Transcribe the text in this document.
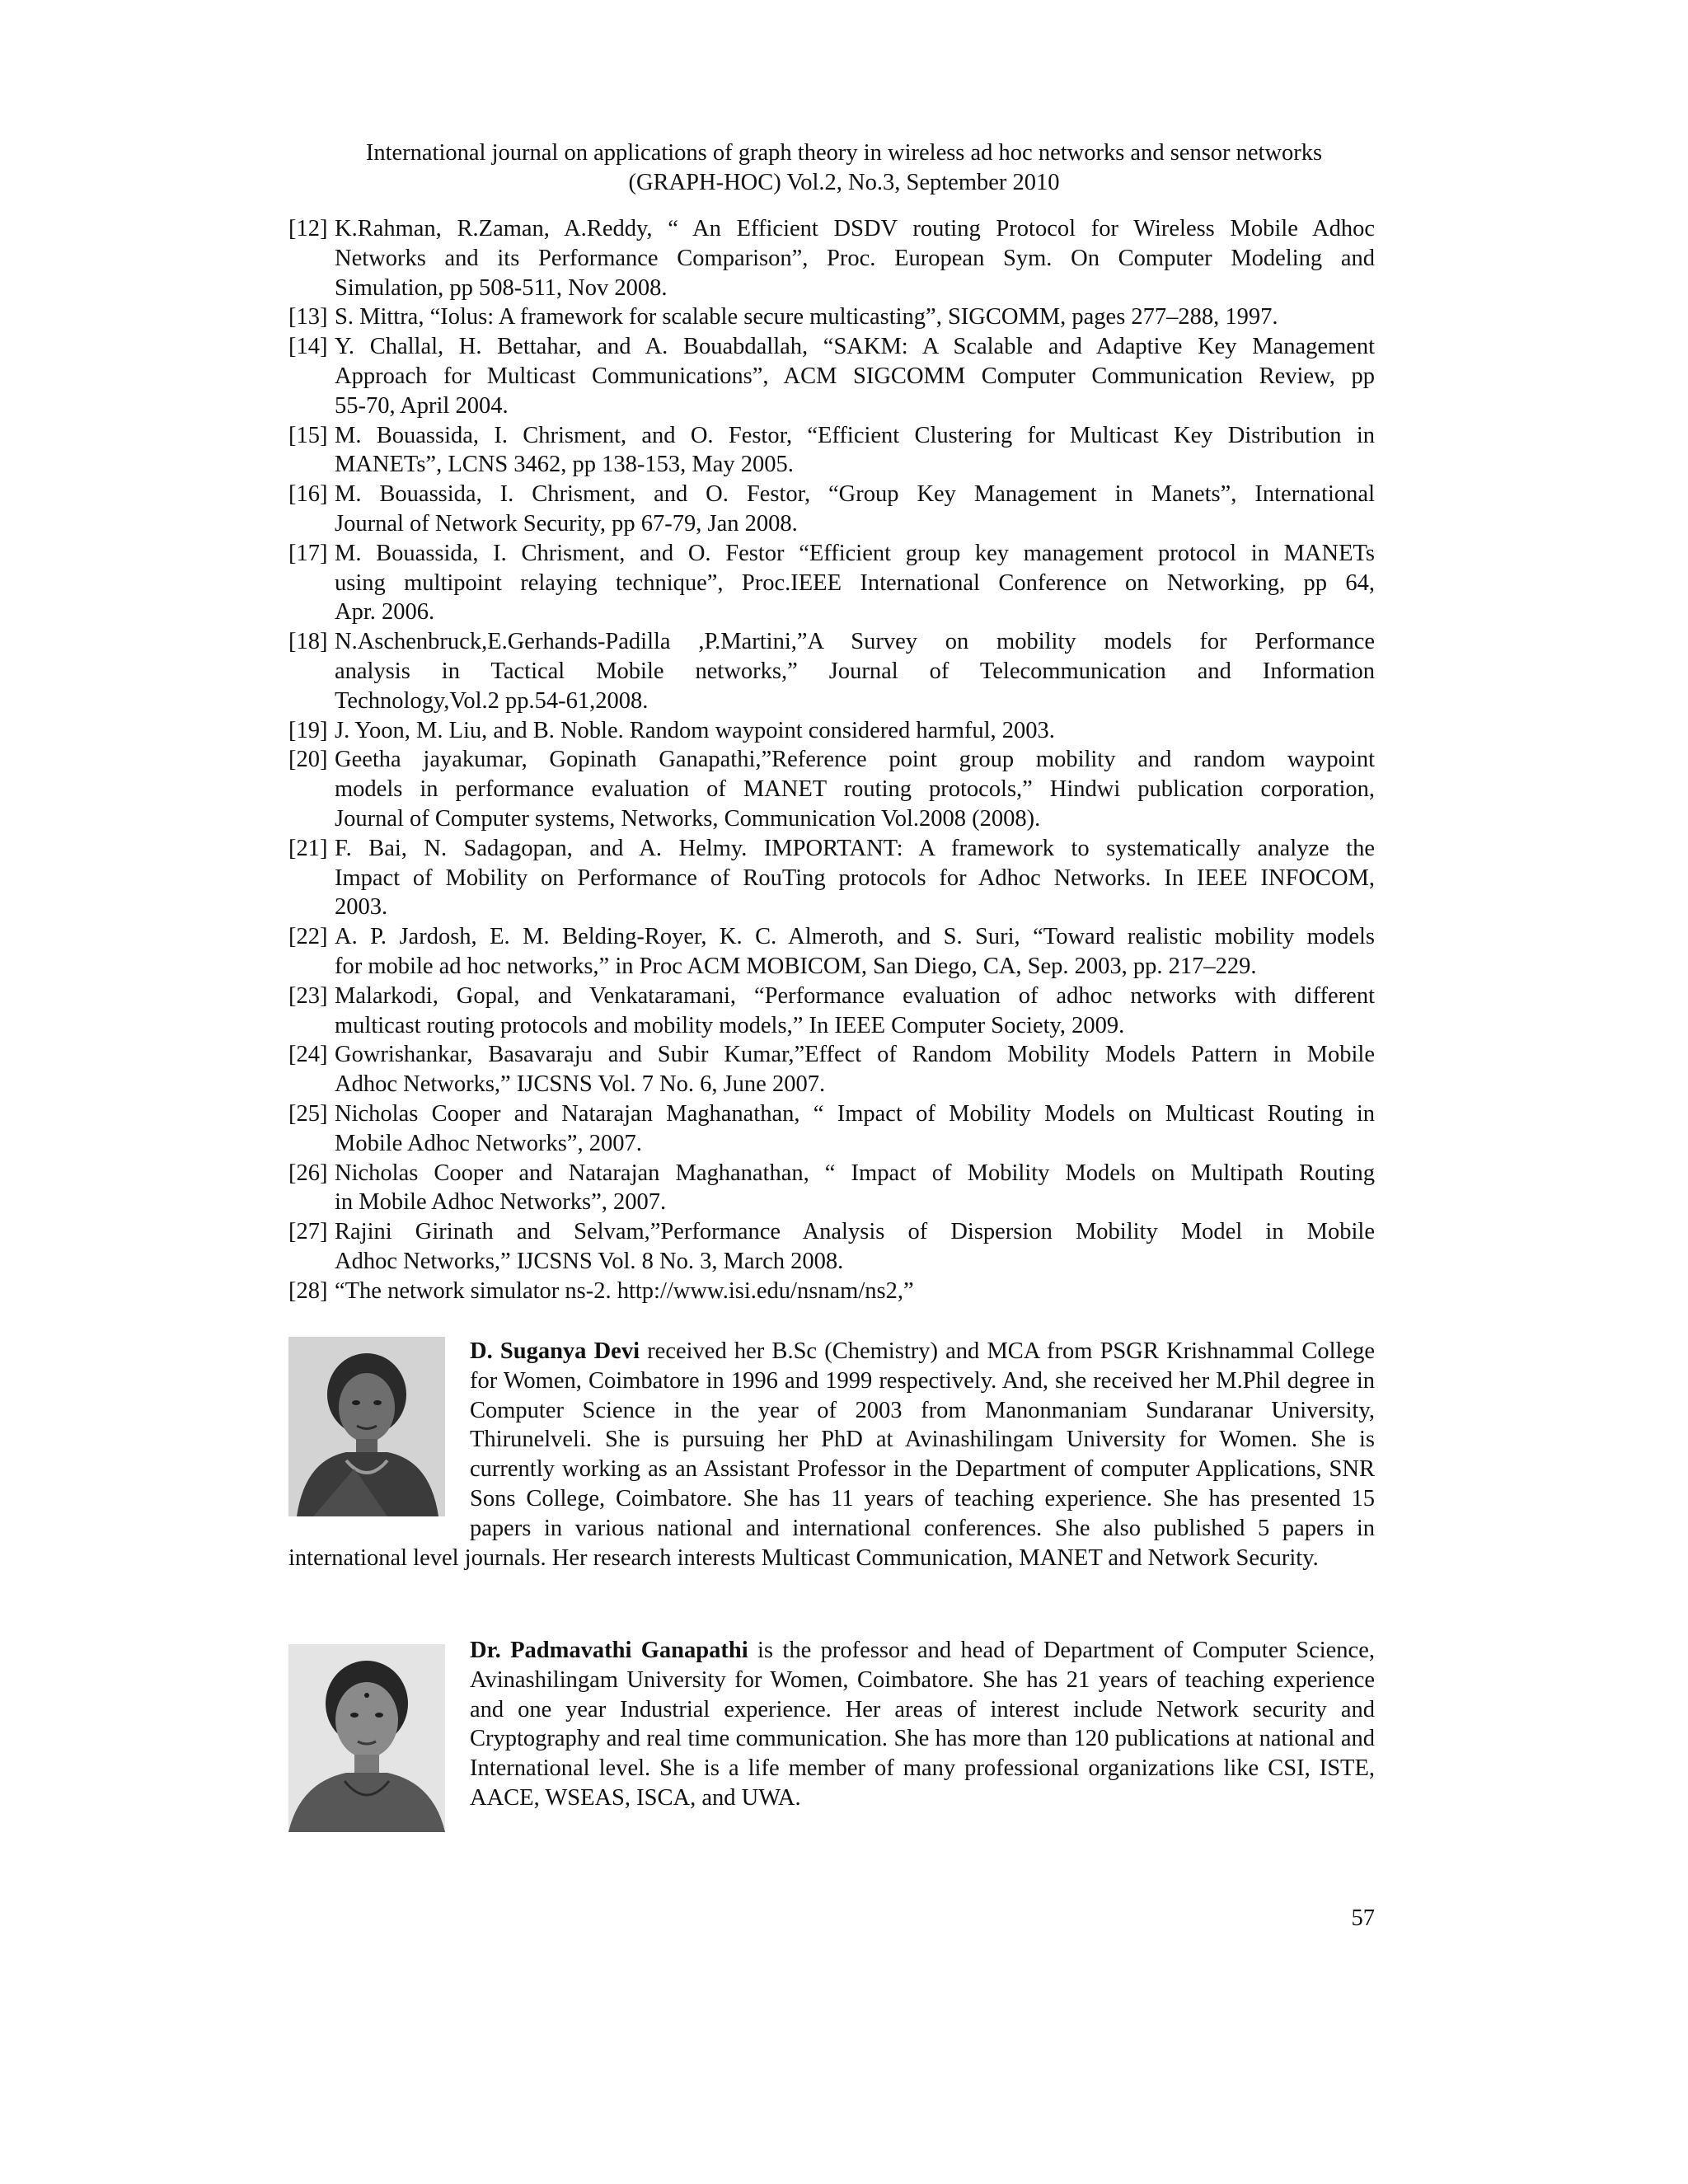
International journal on applications of graph theory in wireless ad hoc networks and sensor networks
(GRAPH-HOC) Vol.2, No.3, September 2010
[12] K.Rahman, R.Zaman, A.Reddy, “ An Efficient DSDV routing Protocol for Wireless Mobile Adhoc
Networks and its Performance Comparison”, Proc. European Sym. On Computer Modeling and
Simulation, pp 508-511, Nov 2008.
[13] S. Mittra, “Iolus: A framework for scalable secure multicasting”, SIGCOMM, pages 277–288, 1997.
[14] Y. Challal, H. Bettahar, and A. Bouabdallah, “SAKM: A Scalable and Adaptive Key Management
Approach for Multicast Communications”, ACM SIGCOMM Computer Communication Review, pp
55-70, April 2004.
[15] M. Bouassida, I. Chrisment, and O. Festor, “Efficient Clustering for Multicast Key Distribution in
MANETs”, LCNS 3462, pp 138-153, May 2005.
[16] M. Bouassida, I. Chrisment, and O. Festor, “Group Key Management in Manets”, International
Journal of Network Security, pp 67-79, Jan 2008.
[17] M. Bouassida, I. Chrisment, and O. Festor “Efficient group key management protocol in MANETs
using multipoint relaying technique”, Proc.IEEE International Conference on Networking, pp 64,
Apr. 2006.
[18] N.Aschenbruck,E.Gerhands-Padilla ,P.Martini,”A Survey on mobility models for Performance
analysis in Tactical Mobile networks,” Journal of Telecommunication and Information
Technology,Vol.2 pp.54-61,2008.
[19] J. Yoon, M. Liu, and B. Noble. Random waypoint considered harmful, 2003.
[20] Geetha jayakumar, Gopinath Ganapathi,”Reference point group mobility and random waypoint
models in performance evaluation of MANET routing protocols,” Hindwi publication corporation,
Journal of Computer systems, Networks, Communication Vol.2008 (2008).
[21] F. Bai, N. Sadagopan, and A. Helmy. IMPORTANT: A framework to systematically analyze the
Impact of Mobility on Performance of RouTing protocols for Adhoc Networks. In IEEE INFOCOM,
2003.
[22] A. P. Jardosh, E. M. Belding-Royer, K. C. Almeroth, and S. Suri, “Toward realistic mobility models
for mobile ad hoc networks,” in Proc ACM MOBICOM, San Diego, CA, Sep. 2003, pp. 217–229.
[23] Malarkodi, Gopal, and Venkataramani, “Performance evaluation of adhoc networks with different
multicast routing protocols and mobility models,” In IEEE Computer Society, 2009.
[24] Gowrishankar, Basavaraju and Subir Kumar,”Effect of Random Mobility Models Pattern in Mobile
Adhoc Networks,” IJCSNS Vol. 7 No. 6, June 2007.
[25] Nicholas Cooper and Natarajan Maghanathan, “ Impact of Mobility Models on Multicast Routing in
Mobile Adhoc Networks”, 2007.
[26] Nicholas Cooper and Natarajan Maghanathan, “ Impact of Mobility Models on Multipath Routing
in Mobile Adhoc Networks”, 2007.
[27] Rajini Girinath and Selvam,”Performance Analysis of Dispersion Mobility Model in Mobile
Adhoc Networks,” IJCSNS Vol. 8 No. 3, March 2008.
[28] “The network simulator ns-2. http://www.isi.edu/nsnam/ns2,”
D. Suganya Devi received her B.Sc (Chemistry) and MCA from PSGR Krishnammal College for Women, Coimbatore in 1996 and 1999 respectively. And, she received her M.Phil degree in Computer Science in the year of 2003 from Manonmaniam Sundaranar University, Thirunelveli. She is pursuing her PhD at Avinashilingam University for Women. She is currently working as an Assistant Professor in the Department of computer Applications, SNR Sons College, Coimbatore. She has 11 years of teaching experience. She has presented 15 papers in various national and international conferences. She also published 5 papers in international level journals. Her research interests Multicast Communication, MANET and Network Security.
Dr. Padmavathi Ganapathi is the professor and head of Department of Computer Science, Avinashilingam University for Women, Coimbatore. She has 21 years of teaching experience and one year Industrial experience. Her areas of interest include Network security and Cryptography and real time communication. She has more than 120 publications at national and International level. She is a life member of many professional organizations like CSI, ISTE, AACE, WSEAS, ISCA, and UWA.
57
